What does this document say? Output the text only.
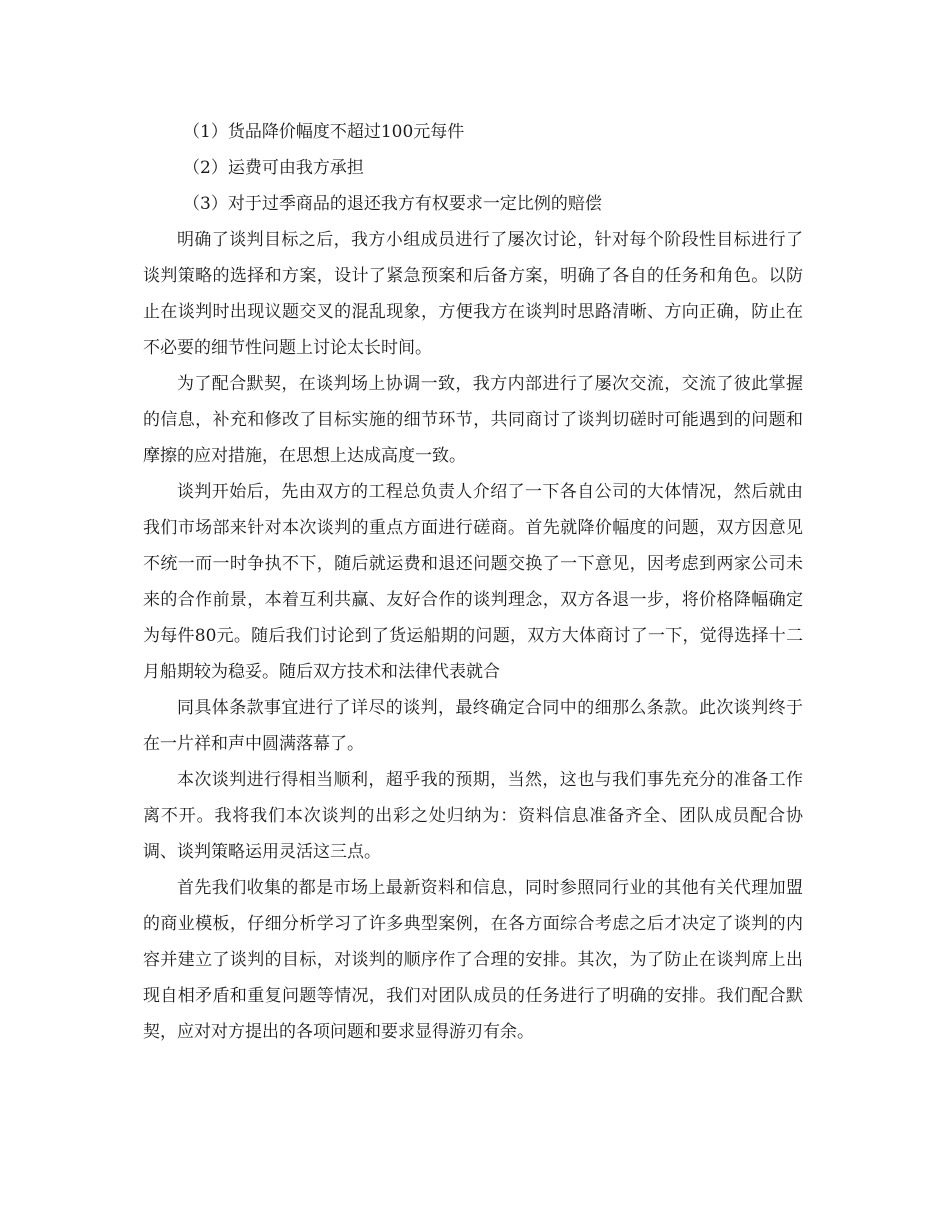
（1）货品降价幅度不超过100元每件

（2）运费可由我方承担

（3）对于过季商品的退还我方有权要求一定比例的赔偿

明确了谈判目标之后，我方小组成员进行了屡次讨论，针对每个阶段性目标进行了谈判策略的选择和方案，设计了紧急预案和后备方案，明确了各自的任务和角色。以防止在谈判时出现议题交叉的混乱现象，方便我方在谈判时思路清晰、方向正确，防止在不必要的细节性问题上讨论太长时间。

为了配合默契，在谈判场上协调一致，我方内部进行了屡次交流，交流了彼此掌握的信息，补充和修改了目标实施的细节环节，共同商讨了谈判切磋时可能遇到的问题和摩擦的应对措施，在思想上达成高度一致。

谈判开始后，先由双方的工程总负责人介绍了一下各自公司的大体情况，然后就由我们市场部来针对本次谈判的重点方面进行磋商。首先就降价幅度的问题，双方因意见不统一而一时争执不下，随后就运费和退还问题交换了一下意见，因考虑到两家公司未来的合作前景，本着互利共赢、友好合作的谈判理念，双方各退一步，将价格降幅确定为每件80元。随后我们讨论到了货运船期的问题，双方大体商讨了一下，觉得选择十二月船期较为稳妥。随后双方技术和法律代表就合

同具体条款事宜进行了详尽的谈判，最终确定合同中的细那么条款。此次谈判终于在一片祥和声中圆满落幕了。

本次谈判进行得相当顺利，超乎我的预期，当然，这也与我们事先充分的准备工作离不开。我将我们本次谈判的出彩之处归纳为：资料信息准备齐全、团队成员配合协调、谈判策略运用灵活这三点。

首先我们收集的都是市场上最新资料和信息，同时参照同行业的其他有关代理加盟的商业模板，仔细分析学习了许多典型案例，在各方面综合考虑之后才决定了谈判的内容并建立了谈判的目标，对谈判的顺序作了合理的安排。其次，为了防止在谈判席上出现自相矛盾和重复问题等情况，我们对团队成员的任务进行了明确的安排。我们配合默契，应对对方提出的各项问题和要求显得游刃有余。
